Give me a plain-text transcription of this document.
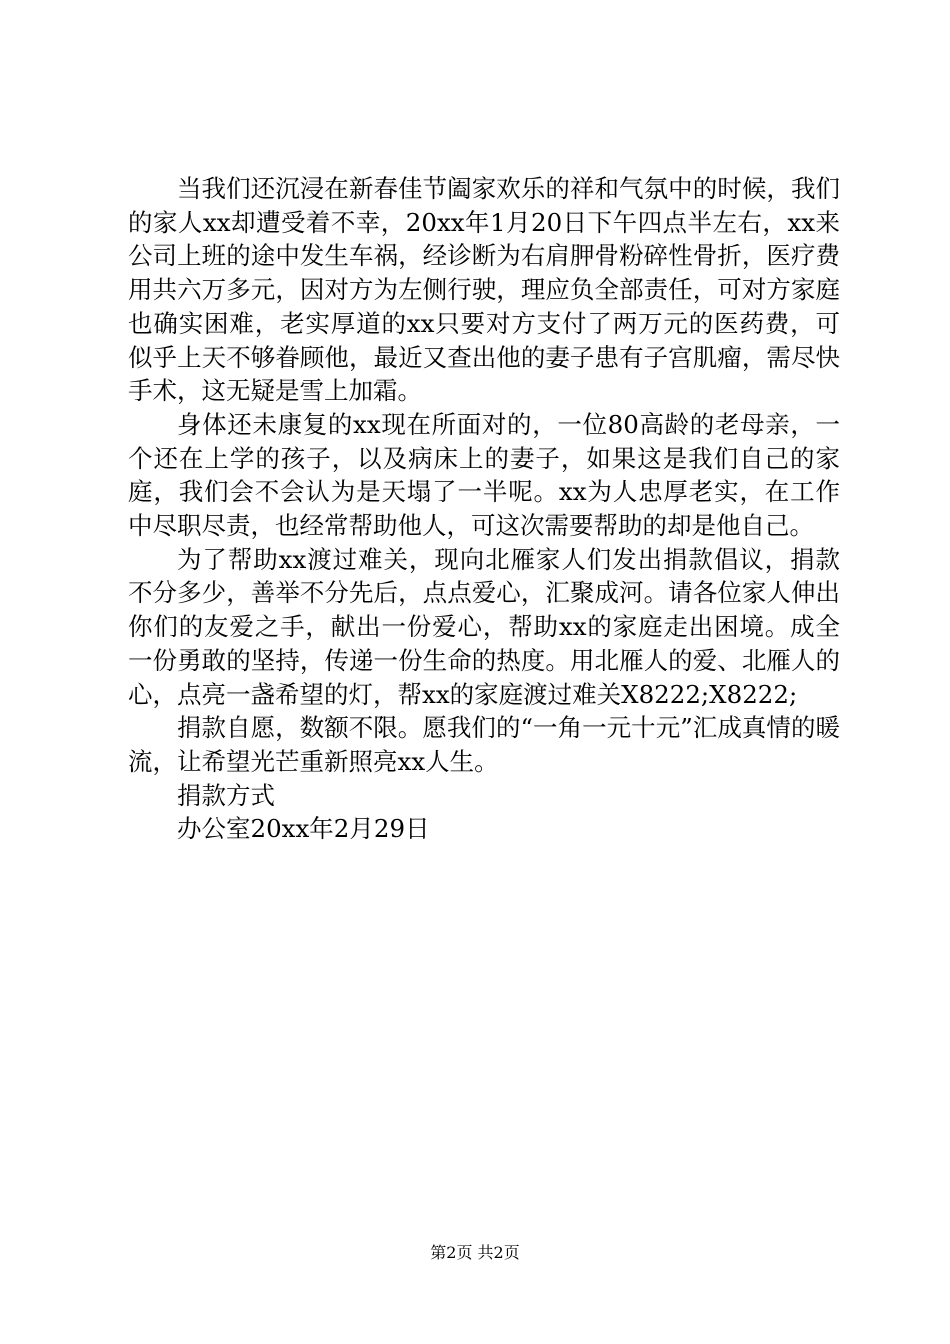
当我们还沉浸在新春佳节阖家欢乐的祥和气氛中的时候，我们的家人xx却遭受着不幸，20xx年1月20日下午四点半左右，xx来公司上班的途中发生车祸，经诊断为右肩胛骨粉碎性骨折，医疗费用共六万多元，因对方为左侧行驶，理应负全部责任，可对方家庭也确实困难，老实厚道的xx只要对方支付了两万元的医药费，可似乎上天不够眷顾他，最近又查出他的妻子患有子宫肌瘤，需尽快手术，这无疑是雪上加霜。

身体还未康复的xx现在所面对的，一位80高龄的老母亲，一个还在上学的孩子，以及病床上的妻子，如果这是我们自己的家庭，我们会不会认为是天塌了一半呢。xx为人忠厚老实，在工作中尽职尽责，也经常帮助他人，可这次需要帮助的却是他自己。

为了帮助xx渡过难关，现向北雁家人们发出捐款倡议，捐款不分多少，善举不分先后，点点爱心，汇聚成河。请各位家人伸出你们的友爱之手，献出一份爱心，帮助xx的家庭走出困境。成全一份勇敢的坚持，传递一份生命的热度。用北雁人的爱、北雁人的心，点亮一盏希望的灯，帮xx的家庭渡过难关X8222;X8222;

捐款自愿，数额不限。愿我们的“一角一元十元”汇成真情的暖流，让希望光芒重新照亮xx人生。

捐款方式

办公室20xx年2月29日

第2页 共2页
